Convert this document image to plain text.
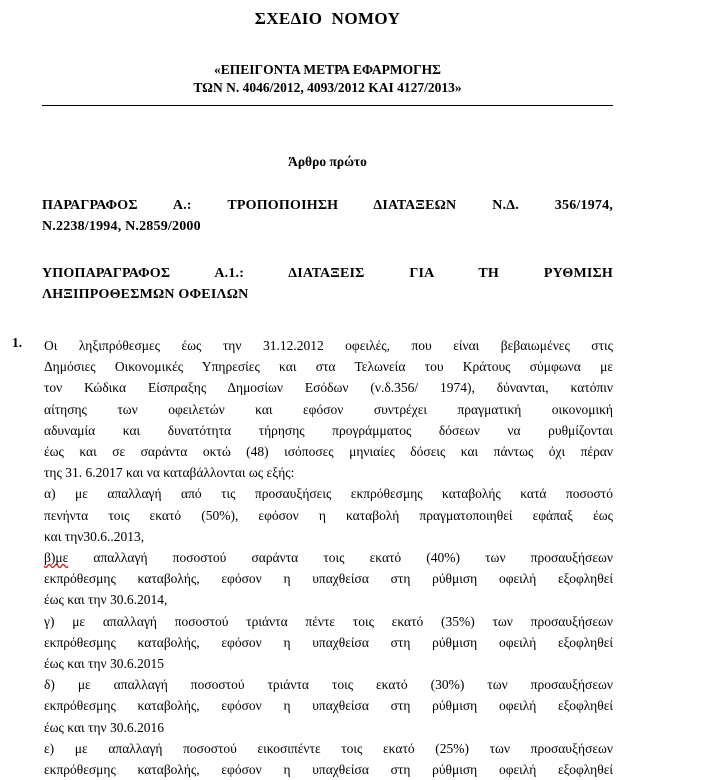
ΣΧΕΔΙΟ  ΝΟΜΟΥ
«ΕΠΕΙΓΟΝΤΑ ΜΕΤΡΑ ΕΦΑΡΜΟΓΗΣ
ΤΩΝ Ν. 4046/2012, 4093/2012 ΚΑΙ 4127/2013»
Άρθρο πρώτο
ΠΑΡΑΓΡΑΦΟΣ Α.: ΤΡΟΠΟΠΟΙΗΣΗ ΔΙΑΤΑΞΕΩΝ Ν.Δ. 356/1974,
Ν.2238/1994, Ν.2859/2000
ΥΠΟΠΑΡΑΓΡΑΦΟΣ Α.1.: ΔΙΑΤΑΞΕΙΣ ΓΙΑ ΤΗ ΡΥΘΜΙΣΗ
ΛΗΞΙΠΡΟΘΕΣΜΩΝ ΟΦΕΙΛΩΝ
1.	Οι ληξιπρόθεσμες έως την 31.12.2012 οφειλές, που είναι βεβαιωμένες στις
Δημόσιες Οικονομικές Υπηρεσίες και στα Τελωνεία του Κράτους σύμφωνα με
τον Κώδικα Είσπραξης Δημοσίων Εσόδων (ν.δ.356/ 1974), δύνανται, κατόπιν
αίτησης των οφειλετών και εφόσον συντρέχει πραγματική οικονομική
αδυναμία και δυνατότητα τήρησης προγράμματος δόσεων να ρυθμίζονται
έως και σε σαράντα οκτώ (48) ισόποσες μηνιαίες δόσεις και πάντως όχι πέραν
της 31. 6.2017 και να καταβάλλονται ως εξής:
α) με απαλλαγή από τις προσαυξήσεις εκπρόθεσμης καταβολής κατά ποσοστό
πενήντα τοις εκατό (50%), εφόσον η καταβολή πραγματοποιηθεί εφάπαξ έως
και την30.6..2013,
β)με απαλλαγή ποσοστού σαράντα τοις εκατό (40%) των προσαυξήσεων
εκπρόθεσμης καταβολής, εφόσον η υπαχθείσα στη ρύθμιση οφειλή εξοφληθεί
έως και την 30.6.2014,
γ) με απαλλαγή ποσοστού τριάντα πέντε τοις εκατό (35%) των προσαυξήσεων
εκπρόθεσμης καταβολής, εφόσον η υπαχθείσα στη ρύθμιση οφειλή εξοφληθεί
έως και την 30.6.2015
δ) με απαλλαγή ποσοστού τριάντα τοις εκατό (30%) των προσαυξήσεων
εκπρόθεσμης καταβολής, εφόσον η υπαχθείσα στη ρύθμιση οφειλή εξοφληθεί
έως και την 30.6.2016
ε) με απαλλαγή ποσοστού εικοσιπέντε τοις εκατό (25%) των προσαυξήσεων
εκπρόθεσμης καταβολής, εφόσον η υπαχθείσα στη ρύθμιση οφειλή εξοφληθεί
